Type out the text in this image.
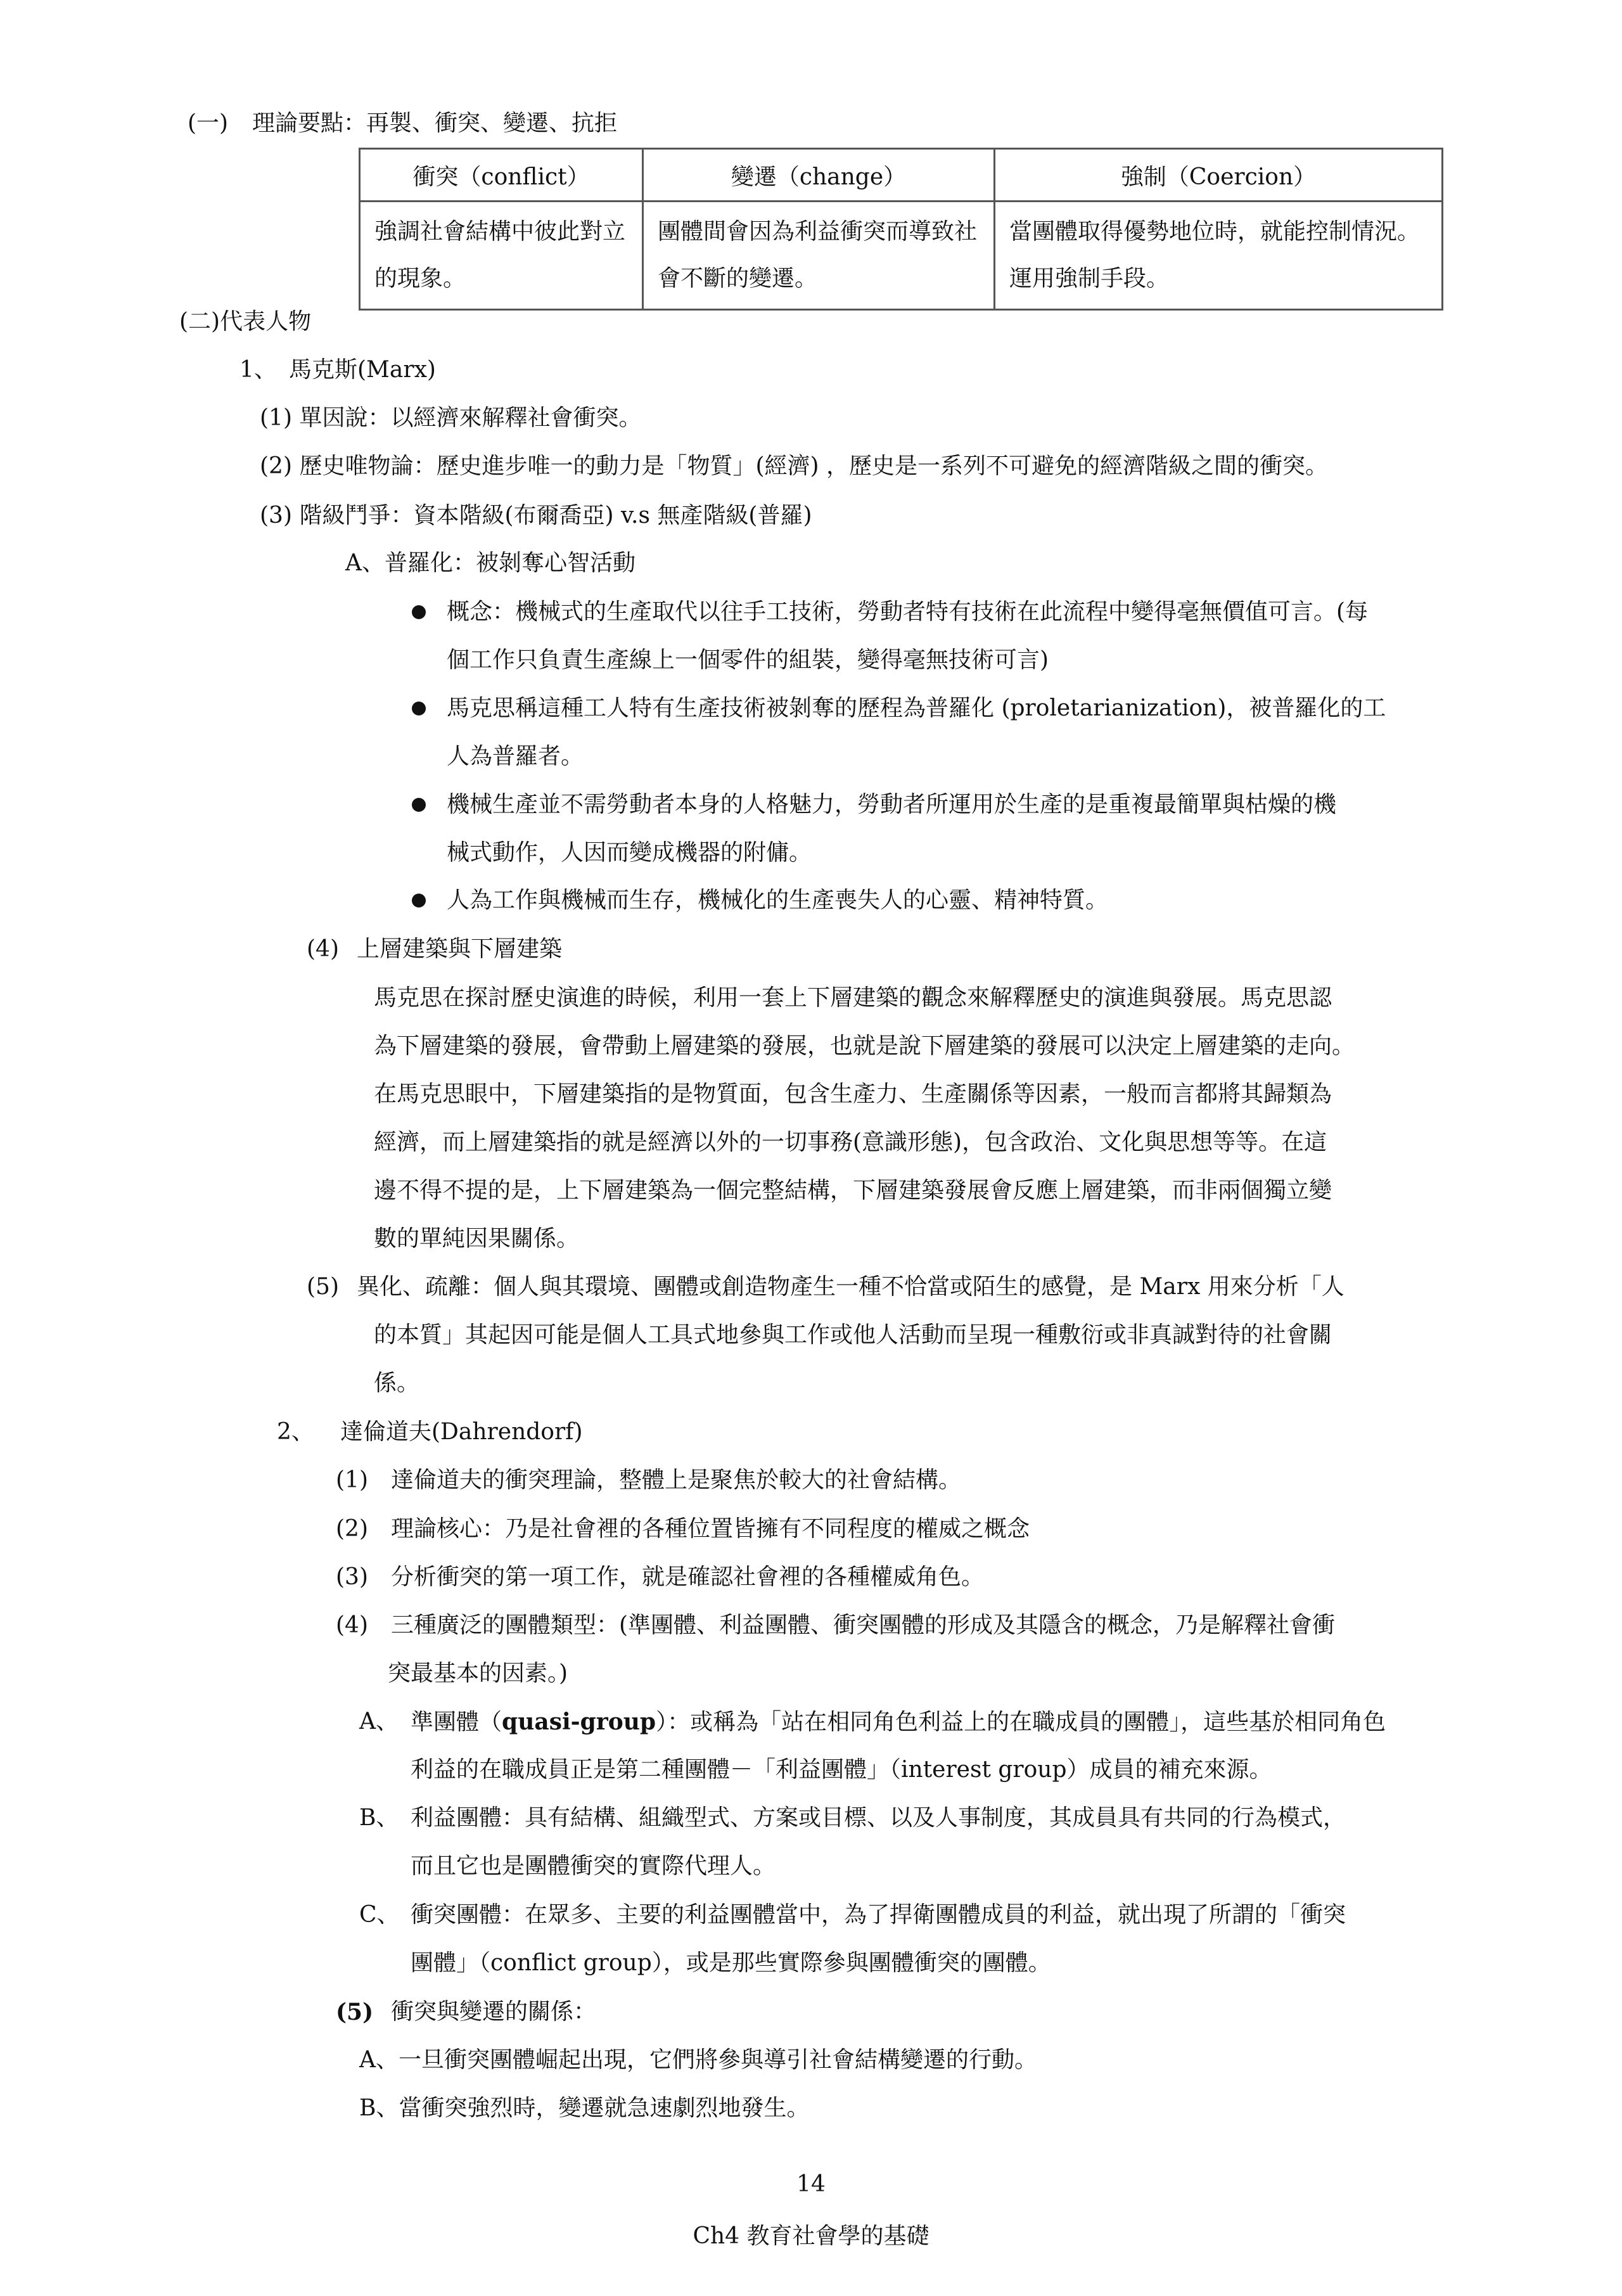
(一) 理論要點：再製、衝突、變遷、抗拒
衝突（conflict）	變遷（change）	強制（Coercion）
強調社會結構中彼此對立的現象。	團體間會因為利益衝突而導致社會不斷的變遷。	當團體取得優勢地位時，就能控制情況。運用強制手段。
(二)代表人物
1、 馬克斯(Marx)
(1) 單因說：以經濟來解釋社會衝突。
(2) 歷史唯物論：歷史進步唯一的動力是「物質」(經濟) ，歷史是一系列不可避免的經濟階級之間的衝突。
(3) 階級鬥爭：資本階級(布爾喬亞) v.s 無產階級(普羅)
A、普羅化：被剝奪心智活動
概念：機械式的生產取代以往手工技術，勞動者特有技術在此流程中變得毫無價值可言。(每
個工作只負責生產線上一個零件的組裝，變得毫無技術可言)
馬克思稱這種工人特有生產技術被剝奪的歷程為普羅化 (proletarianization)，被普羅化的工
人為普羅者。
機械生產並不需勞動者本身的人格魅力，勞動者所運用於生產的是重複最簡單與枯燥的機
械式動作，人因而變成機器的附傭。
人為工作與機械而生存，機械化的生產喪失人的心靈、精神特質。
(4) 上層建築與下層建築
馬克思在探討歷史演進的時候，利用一套上下層建築的觀念來解釋歷史的演進與發展。馬克思認
為下層建築的發展，會帶動上層建築的發展，也就是說下層建築的發展可以決定上層建築的走向。
在馬克思眼中，下層建築指的是物質面，包含生產力、生產關係等因素，一般而言都將其歸類為
經濟，而上層建築指的就是經濟以外的一切事務(意識形態)，包含政治、文化與思想等等。在這
邊不得不提的是，上下層建築為一個完整結構，下層建築發展會反應上層建築，而非兩個獨立變
數的單純因果關係。
(5) 異化、疏離：個人與其環境、團體或創造物產生一種不恰當或陌生的感覺，是 Marx 用來分析「人
的本質」其起因可能是個人工具式地參與工作或他人活動而呈現一種敷衍或非真誠對待的社會關
係。
2、 達倫道夫(Dahrendorf)
(1) 達倫道夫的衝突理論，整體上是聚焦於較大的社會結構。
(2) 理論核心：乃是社會裡的各種位置皆擁有不同程度的權威之概念
(3) 分析衝突的第一項工作，就是確認社會裡的各種權威角色。
(4) 三種廣泛的團體類型：(準團體、利益團體、衝突團體的形成及其隱含的概念，乃是解釋社會衝
突最基本的因素。)
A、 準團體（quasi-group）：或稱為「站在相同角色利益上的在職成員的團體」，這些基於相同角色
利益的在職成員正是第二種團體－「利益團體」（interest group）成員的補充來源。
B、 利益團體：具有結構、組織型式、方案或目標、以及人事制度，其成員具有共同的行為模式，
而且它也是團體衝突的實際代理人。
C、 衝突團體：在眾多、主要的利益團體當中，為了捍衛團體成員的利益，就出現了所謂的「衝突
團體」（conflict group），或是那些實際參與團體衝突的團體。
(5) 衝突與變遷的關係：
A、一旦衝突團體崛起出現，它們將參與導引社會結構變遷的行動。
B、當衝突強烈時，變遷就急速劇烈地發生。
14
Ch4 教育社會學的基礎
